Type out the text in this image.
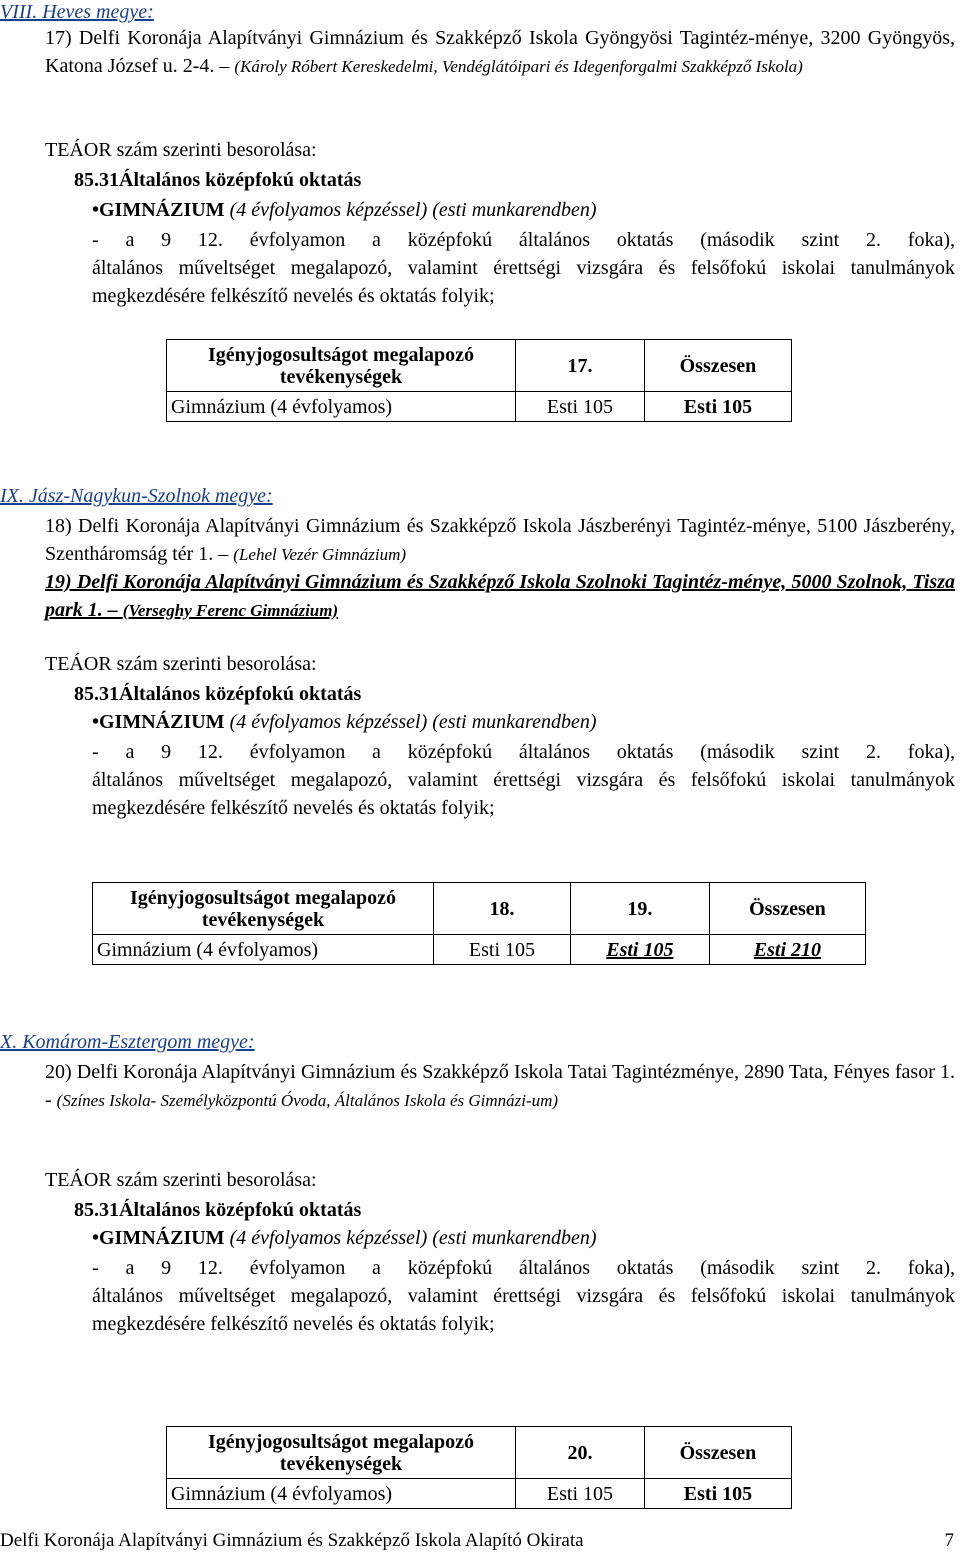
VIII. Heves megye:
17) Delfi Koronája Alapítványi Gimnázium és Szakképző Iskola Gyöngyösi Tagintéz-ménye, 3200 Gyöngyös, Katona József u. 2-4. – (Károly Róbert Kereskedelmi, Vendéglátóipari és Idegenforgalmi Szakképző Iskola)
TEÁOR szám szerinti besorolása:
85.31Általános középfokú oktatás
•GIMNÁZIUM (4 évfolyamos képzéssel) (esti munkarendben)
- a 9 12. évfolyamon a középfokú általános oktatás (második szint 2. foka),
általános műveltséget megalapozó, valamint érettségi vizsgára és felsőfokú iskolai tanulmányok megkezdésére felkészítő nevelés és oktatás folyik;
Igényjogosultságot megalapozó tevékenységek	17.	Összesen
Gimnázium (4 évfolyamos)	Esti 105	Esti 105
IX. Jász-Nagykun-Szolnok megye:
18) Delfi Koronája Alapítványi Gimnázium és Szakképző Iskola Jászberényi Tagintéz-ménye, 5100 Jászberény, Szentháromság tér 1. – (Lehel Vezér Gimnázium)
19) Delfi Koronája Alapítványi Gimnázium és Szakképző Iskola Szolnoki Tagintéz-ménye, 5000 Szolnok, Tisza park 1. – (Verseghy Ferenc Gimnázium)
TEÁOR szám szerinti besorolása:
85.31Általános középfokú oktatás
•GIMNÁZIUM (4 évfolyamos képzéssel) (esti munkarendben)
- a 9 12. évfolyamon a középfokú általános oktatás (második szint 2. foka),
általános műveltséget megalapozó, valamint érettségi vizsgára és felsőfokú iskolai tanulmányok megkezdésére felkészítő nevelés és oktatás folyik;
Igényjogosultságot megalapozó tevékenységek	18.	19.	Összesen
Gimnázium (4 évfolyamos)	Esti 105	Esti 105	Esti 210
X. Komárom-Esztergom megye:
20) Delfi Koronája Alapítványi Gimnázium és Szakképző Iskola Tatai Tagintézménye, 2890 Tata, Fényes fasor 1. - (Színes Iskola- Személyközpontú Óvoda, Általános Iskola és Gimnázi-um)
TEÁOR szám szerinti besorolása:
85.31Általános középfokú oktatás
•GIMNÁZIUM (4 évfolyamos képzéssel) (esti munkarendben)
- a 9 12. évfolyamon a középfokú általános oktatás (második szint 2. foka),
általános műveltséget megalapozó, valamint érettségi vizsgára és felsőfokú iskolai tanulmányok megkezdésére felkészítő nevelés és oktatás folyik;
Igényjogosultságot megalapozó tevékenységek	20.	Összesen
Gimnázium (4 évfolyamos)	Esti 105	Esti 105
Delfi Koronája Alapítványi Gimnázium és Szakképző Iskola Alapító Okirata	7
